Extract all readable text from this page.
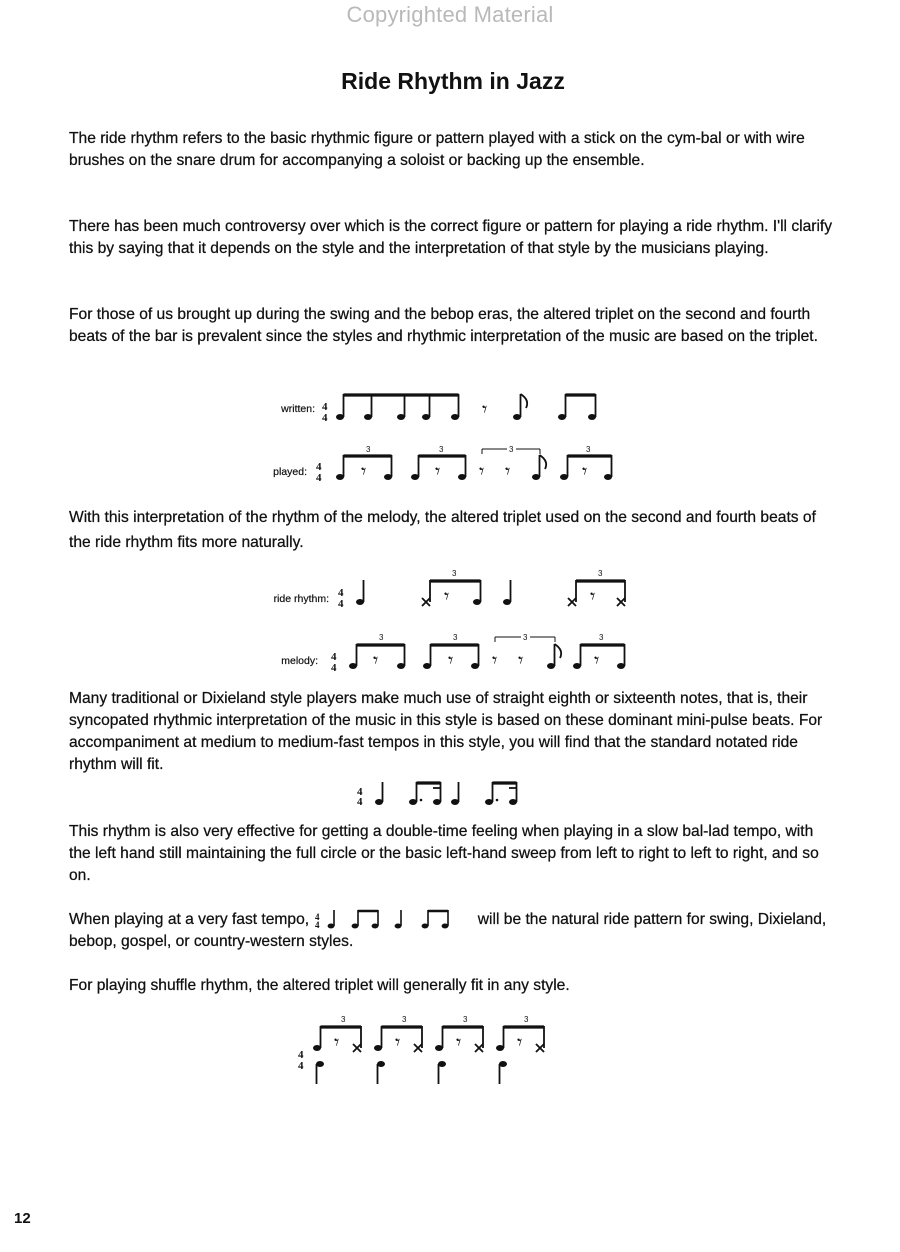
Copyrighted Material
Ride Rhythm in Jazz

The ride rhythm refers to the basic rhythmic figure or pattern played with a stick on the cym-bal or with wire brushes on the snare drum for accompanying a soloist or backing up the ensemble.

There has been much controversy over which is the correct figure or pattern for playing a ride rhythm. I'll clarify this by saying that it depends on the style and the interpretation of that style by the musicians playing.

For those of us brought up during the swing and the bebop eras, the altered triplet on the second and fourth beats of the bar is prevalent since the styles and rhythmic interpretation of the music are based on the triplet.

written: 4
4	𝄾
played: 4
4
3
𝄾
3
𝄾
3
𝄾 𝄾
3
𝄾

With this interpretation of the rhythm of the melody, the altered triplet used on the second and fourth beats of the ride rhythm fits more naturally.

ride rhythm: 4
4
3
𝄾
3
𝄾
melody: 4
4
3
𝄾
3
𝄾
3
𝄾 𝄾
3
𝄾

Many traditional or Dixieland style players make much use of straight eighth or sixteenth notes, that is, their syncopated rhythmic interpretation of the music in this style is based on these dominant mini-pulse beats. For accompaniment at medium to medium-fast tempos in this style, you will find that the standard notated ride rhythm will fit.

4
4

This rhythm is also very effective for getting a double-time feeling when playing in a slow bal-lad tempo, with the left hand still maintaining the full circle or the basic left-hand sweep from left to right to left to right, and so on.

When playing at a very fast tempo, 4
4	will be the natural ride pattern for swing, Dixieland, bebop, gospel, or country-western styles.

For playing shuffle rhythm, the altered triplet will generally fit in any style.

4
4
3
𝄾
3
𝄾
3
𝄾
3
𝄾
12
